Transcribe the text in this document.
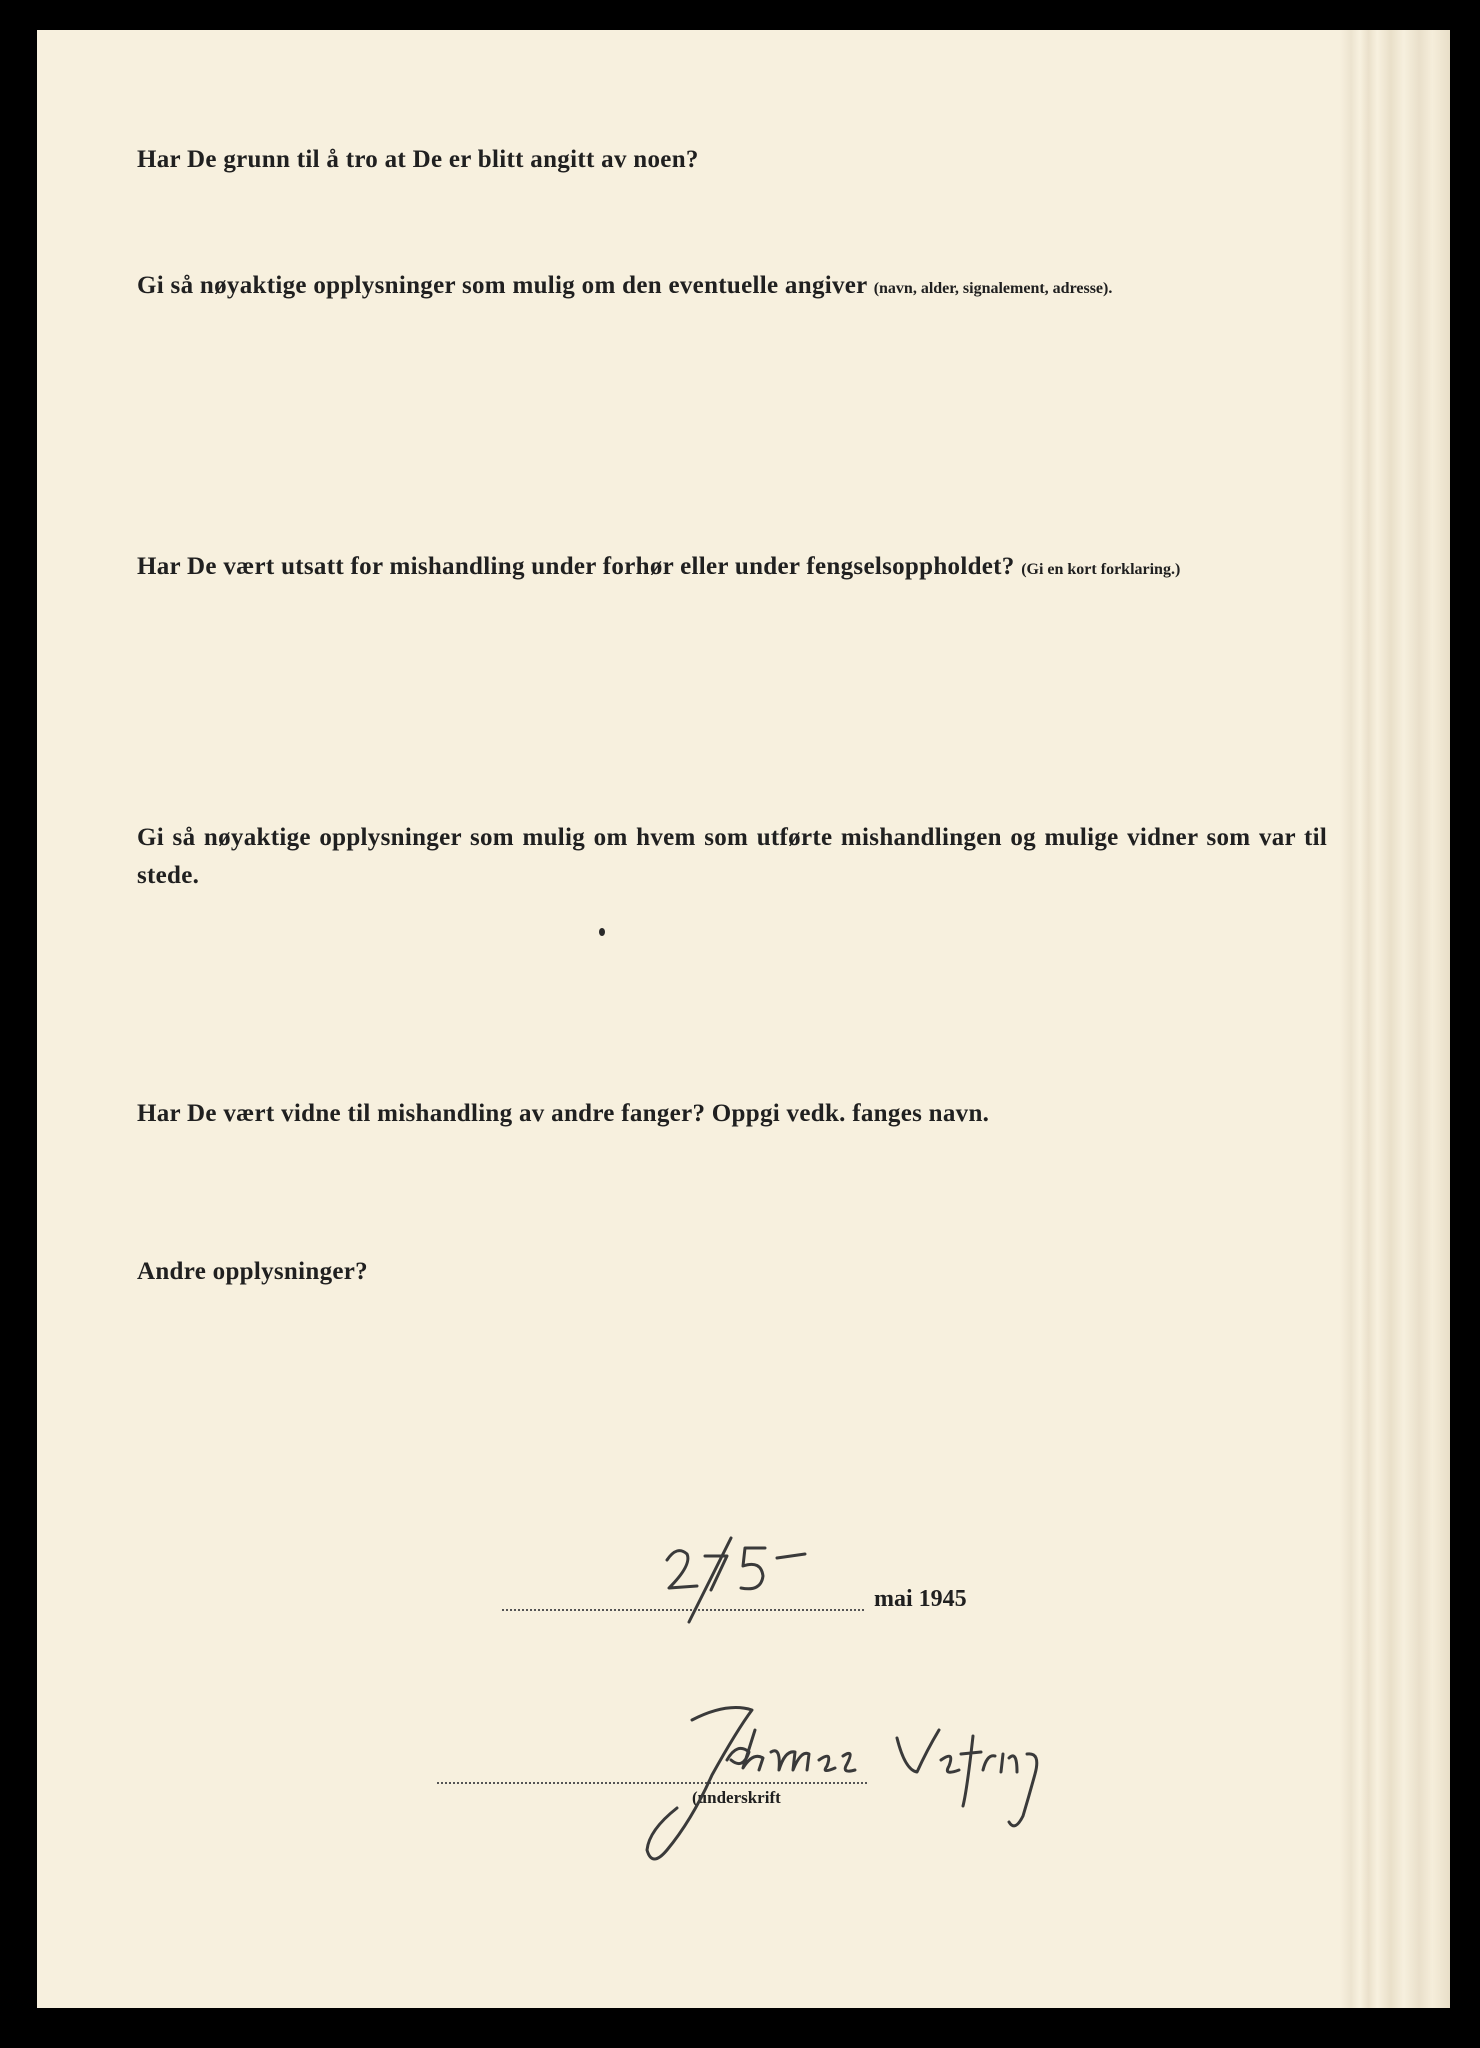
Har De grunn til å tro at De er blitt angitt av noen?

Gi så nøyaktige opplysninger som mulig om den eventuelle angiver (navn, alder, signalement, adresse).

Har De vært utsatt for mishandling under forhør eller under fengselsoppholdet? (Gi en kort forklaring.)

Gi så nøyaktige opplysninger som mulig om hvem som utførte mishandlingen og mulige vidner som var til stede.

Har De vært vidne til mishandling av andre fanger? Oppgi vedk. fanges navn.

Andre opplysninger?

mai 1945
(underskrift
